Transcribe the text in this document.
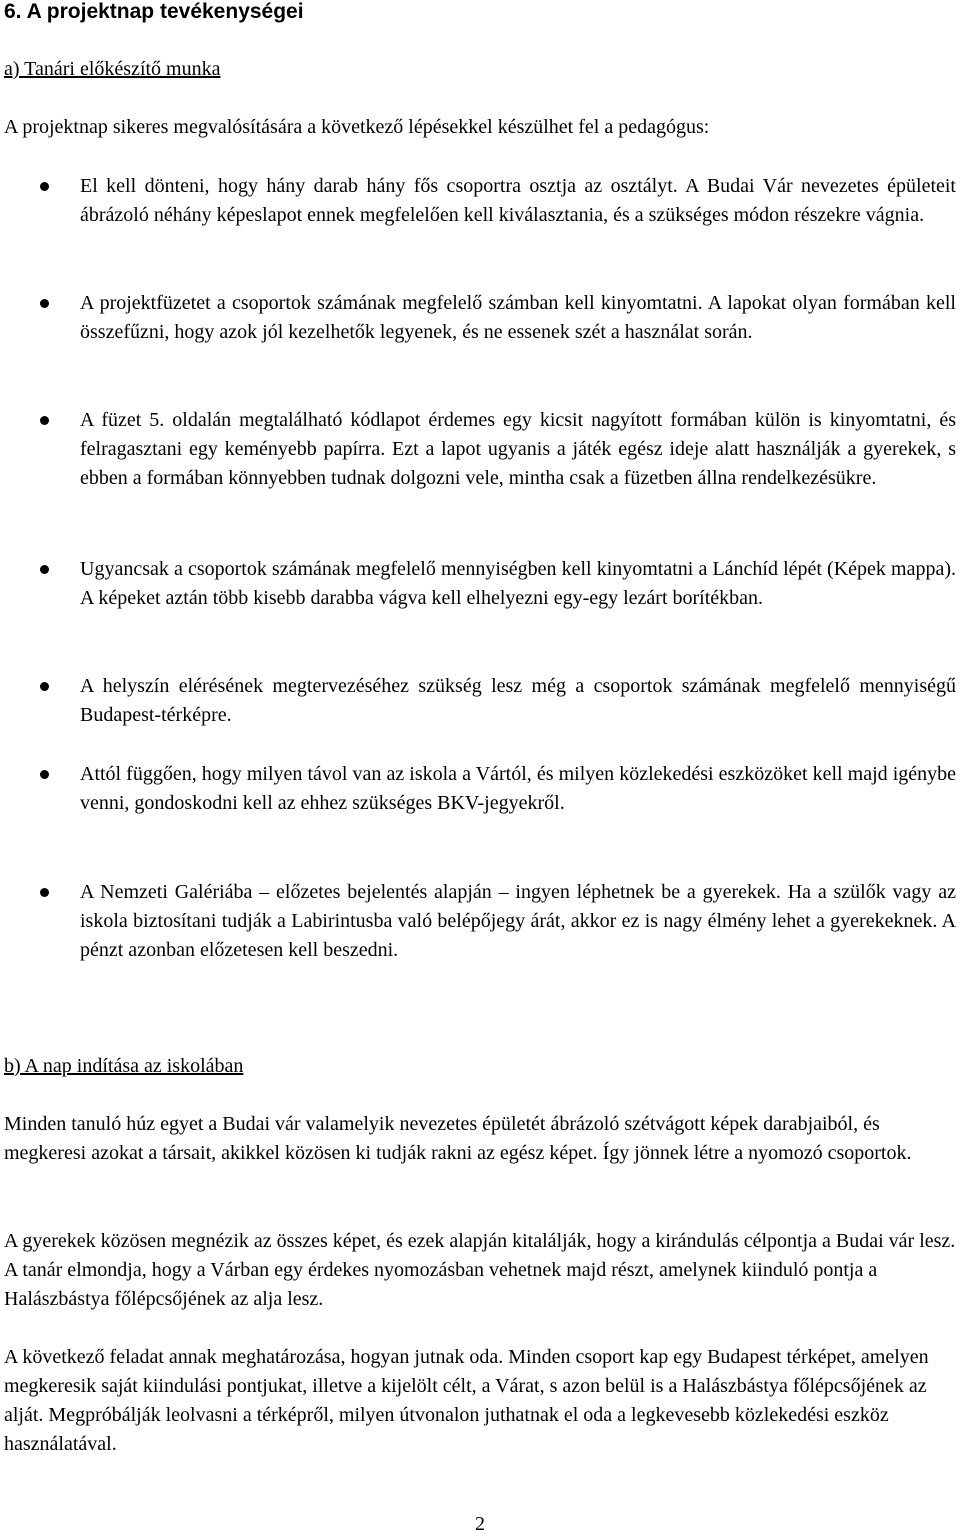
6. A projektnap tevékenységei
a) Tanári előkészítő munka

A projektnap sikeres megvalósítására a következő lépésekkel készülhet fel a pedagógus:

El kell dönteni, hogy hány darab hány fős csoportra osztja az osztályt. A Budai Vár nevezetes épületeit ábrázoló néhány képeslapot ennek megfelelően kell kiválasztania, és a szükséges módon részekre vágnia.

A projektfüzetet a csoportok számának megfelelő számban kell kinyomtatni. A lapokat olyan formában kell összefűzni, hogy azok jól kezelhetők legyenek, és ne essenek szét a használat során.

A füzet 5. oldalán megtalálható kódlapot érdemes egy kicsit nagyított formában külön is kinyomtatni, és felragasztani egy keményebb papírra. Ezt a lapot ugyanis a játék egész ideje alatt használják a gyerekek, s ebben a formában könnyebben tudnak dolgozni vele, mintha csak a füzetben állna rendelkezésükre.

Ugyancsak a csoportok számának megfelelő mennyiségben kell kinyomtatni a Lánchíd lépét (Képek mappa). A képeket aztán több kisebb darabba vágva kell elhelyezni egy-egy lezárt borítékban.

A helyszín elérésének megtervezéséhez szükség lesz még a csoportok számának megfelelő mennyiségű Budapest-térképre.

Attól függően, hogy milyen távol van az iskola a Vártól, és milyen közlekedési eszközöket kell majd igénybe venni, gondoskodni kell az ehhez szükséges BKV-jegyekről.

A Nemzeti Galériába – előzetes bejelentés alapján – ingyen léphetnek be a gyerekek. Ha a szülők vagy az iskola biztosítani tudják a Labirintusba való belépőjegy árát, akkor ez is nagy élmény lehet a gyerekeknek. A pénzt azonban előzetesen kell beszedni.

b) A nap indítása az iskolában

Minden tanuló húz egyet a Budai vár valamelyik nevezetes épületét ábrázoló szétvágott képek darabjaiból, és megkeresi azokat a társait, akikkel közösen ki tudják rakni az egész képet. Így jönnek létre a nyomozó csoportok.

A gyerekek közösen megnézik az összes képet, és ezek alapján kitalálják, hogy a kirándulás célpontja a Budai vár lesz. A tanár elmondja, hogy a Várban egy érdekes nyomozásban vehetnek majd részt, amelynek kiinduló pontja a Halászbástya főlépcsőjének az alja lesz.

A következő feladat annak meghatározása, hogyan jutnak oda. Minden csoport kap egy Budapest térképet, amelyen megkeresik saját kiindulási pontjukat, illetve a kijelölt célt, a Várat, s azon belül is a Halászbástya főlépcsőjének az alját. Megpróbálják leolvasni a térképről, milyen útvonalon juthatnak el oda a legkevesebb közlekedési eszköz használatával.

2
